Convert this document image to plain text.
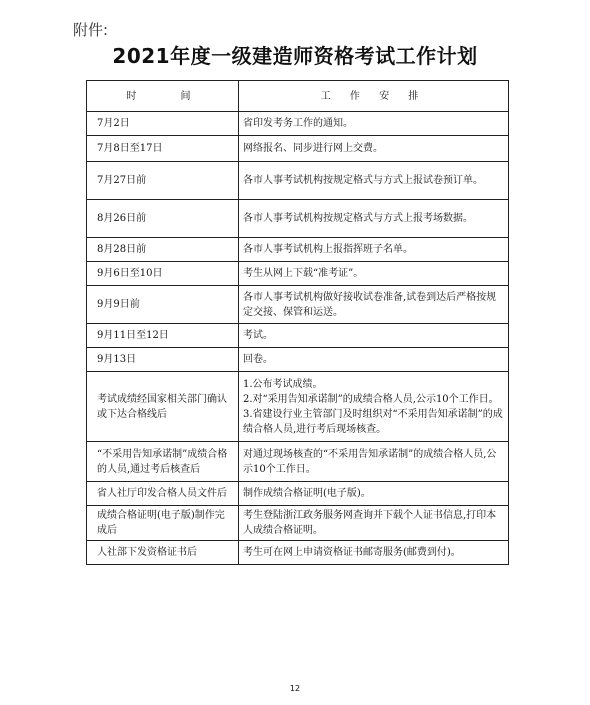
附件:
2021年度一级建造师资格考试工作计划
时　　间	工 作 安 排
7月2日	省印发考务工作的通知。
7月8日至17日	网络报名、同步进行网上交费。
7月27日前	各市人事考试机构按规定格式与方式上报试卷预订单。
8月26日前	各市人事考试机构按规定格式与方式上报考场数据。
8月28日前	各市人事考试机构上报指挥班子名单。
9月6日至10日	考生从网上下载“准考证”。
9月9日前	各市人事考试机构做好接收试卷准备,试卷到达后严格按规定交接、保管和运送。
9月11日至12日	考试。
9月13日	回卷。
考试成绩经国家相关部门确认或下达合格线后	1.公布考试成绩。
2.对“采用告知承诺制”的成绩合格人员,公示10个工作日。
3.省建设行业主管部门及时组织对“不采用告知承诺制”的成绩合格人员,进行考后现场核查。
“不采用告知承诺制”成绩合格的人员,通过考后核查后	对通过现场核查的“不采用告知承诺制”的成绩合格人员,公示10个工作日。
省人社厅印发合格人员文件后	制作成绩合格证明(电子版)。
成绩合格证明(电子版)制作完成后	考生登陆浙江政务服务网查询并下载个人证书信息,打印本人成绩合格证明。
人社部下发资格证书后	考生可在网上申请资格证书邮寄服务(邮费到付)。
12
